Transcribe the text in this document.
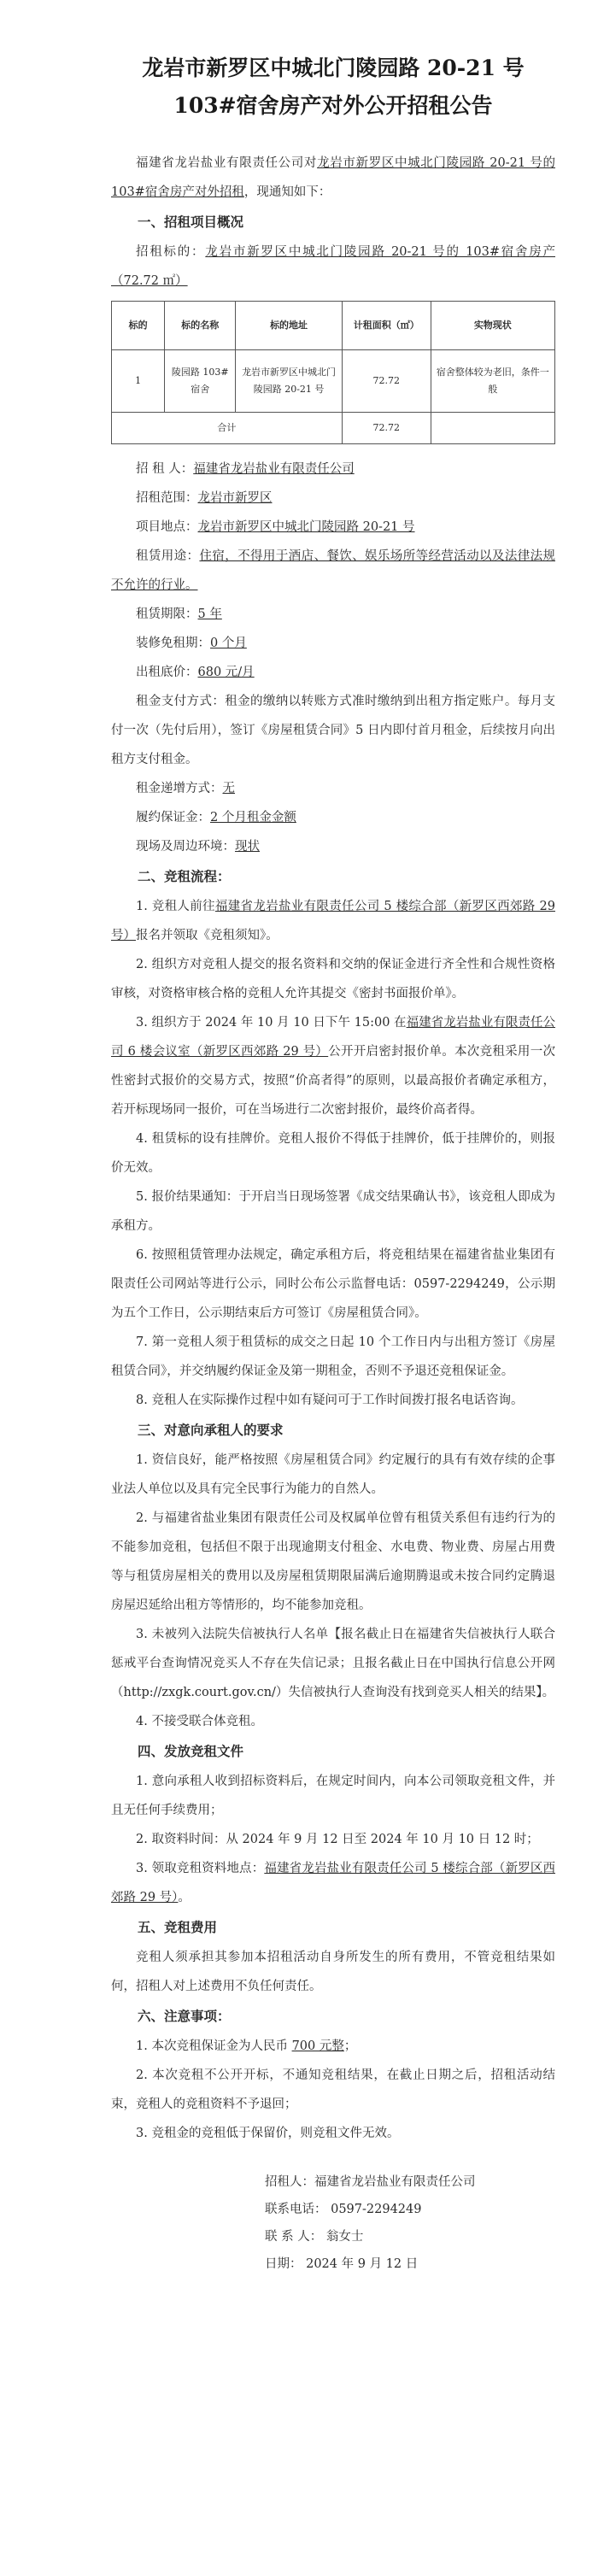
龙岩市新罗区中城北门陵园路 20-21 号
103#宿舍房产对外公开招租公告

福建省龙岩盐业有限责任公司对龙岩市新罗区中城北门陵园路 20-21 号的 103#宿舍房产对外招租，现通知如下：

一、招租项目概况

招租标的：龙岩市新罗区中城北门陵园路 20-21 号的 103#宿舍房产（72.72 ㎡）

标的	标的名称	标的地址	计租面积（㎡）	实物现状
1	陵园路 103#宿舍	龙岩市新罗区中城北门陵园路 20-21 号	72.72	宿舍整体较为老旧，条件一般
合计			72.72	

招 租 人：福建省龙岩盐业有限责任公司

招租范围：龙岩市新罗区

项目地点：龙岩市新罗区中城北门陵园路 20-21 号

租赁用途：住宿，不得用于酒店、餐饮、娱乐场所等经营活动以及法律法规不允许的行业。

租赁期限：5 年

装修免租期：0 个月

出租底价：680 元/月

租金支付方式：租金的缴纳以转账方式准时缴纳到出租方指定账户。每月支付一次（先付后用），签订《房屋租赁合同》5 日内即付首月租金，后续按月向出租方支付租金。

租金递增方式：无

履约保证金：2 个月租金金额

现场及周边环境：现状

二、竞租流程：

1. 竞租人前往福建省龙岩盐业有限责任公司 5 楼综合部（新罗区西郊路 29 号）报名并领取《竞租须知》。

2. 组织方对竞租人提交的报名资料和交纳的保证金进行齐全性和合规性资格审核，对资格审核合格的竞租人允许其提交《密封书面报价单》。

3. 组织方于 2024 年 10 月 10 日下午 15:00 在福建省龙岩盐业有限责任公司 6 楼会议室（新罗区西郊路 29 号）公开开启密封报价单。本次竞租采用一次性密封式报价的交易方式，按照“价高者得”的原则，以最高报价者确定承租方，若开标现场同一报价，可在当场进行二次密封报价，最终价高者得。

4. 租赁标的设有挂牌价。竞租人报价不得低于挂牌价，低于挂牌价的，则报价无效。

5. 报价结果通知：于开启当日现场签署《成交结果确认书》，该竞租人即成为承租方。

6. 按照租赁管理办法规定，确定承租方后，将竞租结果在福建省盐业集团有限责任公司网站等进行公示，同时公布公示监督电话：0597-2294249，公示期为五个工作日，公示期结束后方可签订《房屋租赁合同》。

7. 第一竞租人须于租赁标的成交之日起 10 个工作日内与出租方签订《房屋租赁合同》，并交纳履约保证金及第一期租金，否则不予退还竞租保证金。

8. 竞租人在实际操作过程中如有疑问可于工作时间拨打报名电话咨询。

三、对意向承租人的要求

1. 资信良好，能严格按照《房屋租赁合同》约定履行的具有有效存续的企事业法人单位以及具有完全民事行为能力的自然人。

2. 与福建省盐业集团有限责任公司及权属单位曾有租赁关系但有违约行为的不能参加竞租，包括但不限于出现逾期支付租金、水电费、物业费、房屋占用费等与租赁房屋相关的费用以及房屋租赁期限届满后逾期腾退或未按合同约定腾退房屋迟延给出租方等情形的，均不能参加竞租。

3. 未被列入法院失信被执行人名单【报名截止日在福建省失信被执行人联合惩戒平台查询情况竞买人不存在失信记录；且报名截止日在中国执行信息公开网（http://zxgk.court.gov.cn/）失信被执行人查询没有找到竞买人相关的结果】。

4. 不接受联合体竞租。

四、发放竞租文件

1. 意向承租人收到招标资料后，在规定时间内，向本公司领取竞租文件，并且无任何手续费用；

2. 取资料时间：从 2024 年 9 月 12 日至 2024 年 10 月 10 日 12 时；

3. 领取竞租资料地点：福建省龙岩盐业有限责任公司 5 楼综合部（新罗区西郊路 29 号）。

五、竞租费用

竞租人须承担其参加本招租活动自身所发生的所有费用，不管竞租结果如何，招租人对上述费用不负任何责任。

六、注意事项：

1. 本次竞租保证金为人民币 700 元整；

2. 本次竞租不公开开标，不通知竞租结果，在截止日期之后，招租活动结束，竞租人的竞租资料不予退回；

3. 竞租金的竞租低于保留价，则竞租文件无效。

招租人：福建省龙岩盐业有限责任公司

联系电话： 0597-2294249

联 系 人： 翁女士

日期： 2024 年 9 月 12 日
